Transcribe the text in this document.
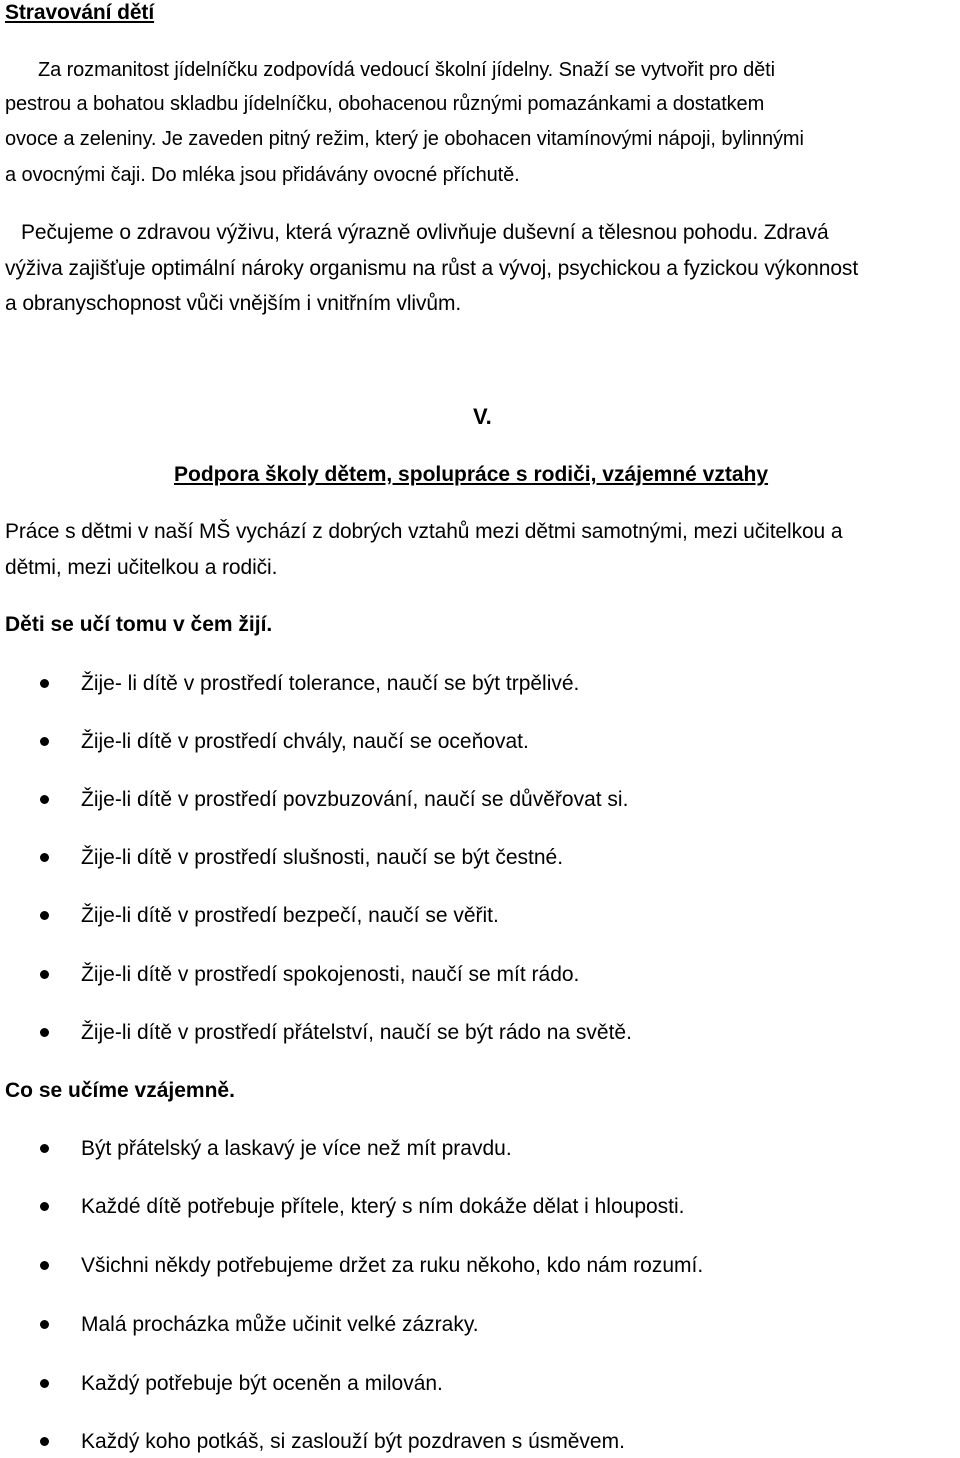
Stravování dětí
Za rozmanitost jídelníčku zodpovídá vedoucí školní jídelny. Snaží se vytvořit pro děti
pestrou a bohatou skladbu jídelníčku, obohacenou různými pomazánkami a dostatkem
ovoce a zeleniny. Je zaveden pitný režim, který je obohacen vitamínovými nápoji, bylinnými
a ovocnými čaji. Do mléka jsou přidávány ovocné příchutě.
Pečujeme o zdravou výživu, která výrazně ovlivňuje duševní a tělesnou pohodu. Zdravá
výživa zajišťuje optimální nároky organismu na růst a vývoj, psychickou a fyzickou výkonnost
a obranyschopnost vůči vnějším i vnitřním vlivům.
V.
Podpora školy dětem, spolupráce s rodiči, vzájemné vztahy
Práce s dětmi v naší MŠ vychází z dobrých vztahů mezi dětmi samotnými, mezi učitelkou a
dětmi, mezi učitelkou a rodiči.
Děti se učí tomu v čem žijí.
Žije- li dítě v prostředí tolerance, naučí se být trpělivé.
Žije-li dítě v prostředí chvály, naučí se oceňovat.
Žije-li dítě v prostředí povzbuzování, naučí se důvěřovat si.
Žije-li dítě v prostředí slušnosti, naučí se být čestné.
Žije-li dítě v prostředí bezpečí, naučí se věřit.
Žije-li dítě v prostředí spokojenosti, naučí se mít rádo.
Žije-li dítě v prostředí přátelství, naučí se být rádo na světě.
Co se učíme vzájemně.
Být přátelský a laskavý je více než mít pravdu.
Každé dítě potřebuje přítele, který s ním dokáže dělat i hlouposti.
Všichni někdy potřebujeme držet za ruku někoho, kdo nám rozumí.
Malá procházka může učinit velké zázraky.
Každý potřebuje být oceněn a milován.
Každý koho potkáš, si zaslouží být pozdraven s úsměvem.
